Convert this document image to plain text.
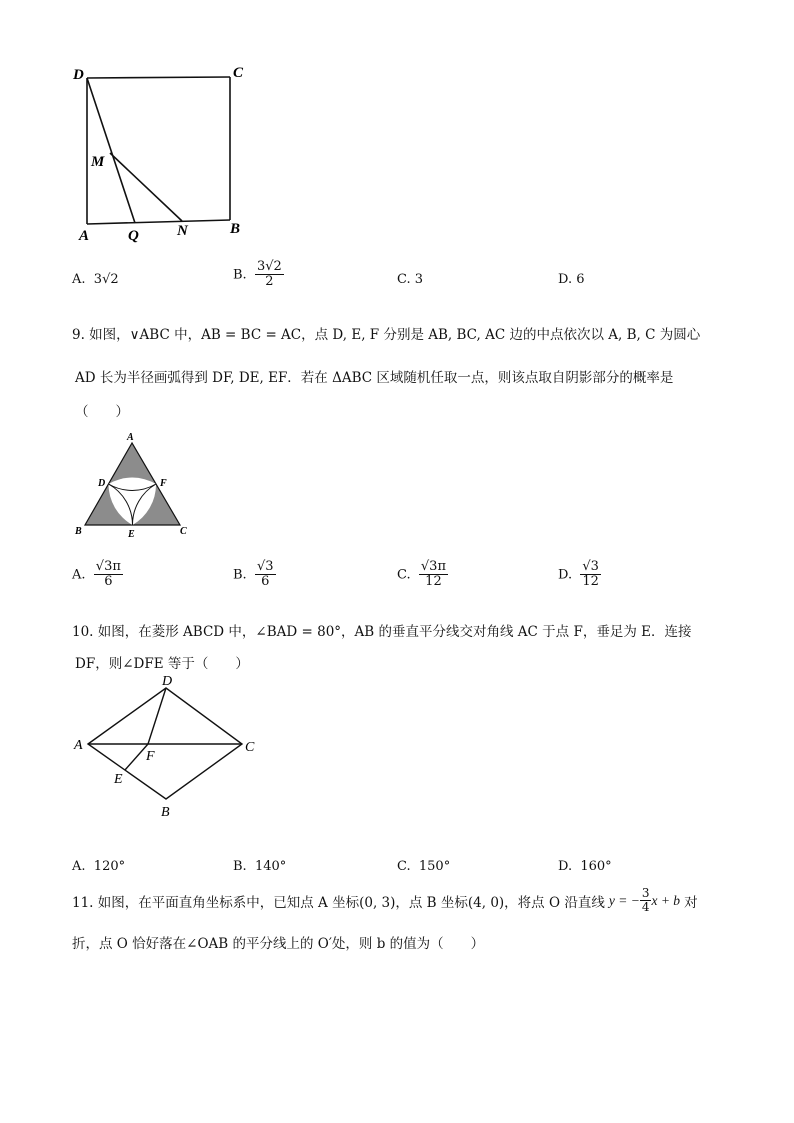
D	C
M
A	Q	N	B
A. 3√2	B. $\frac{3√2}{2}$	C. 3	D. 6
9. 如图，∨ABC 中，AB = BC = AC，点 D, E, F 分别是 AB, BC, AC 边的中点依次以 A, B, C 为圆心
AD 长为半径画弧得到 DF, DE, EF．若在 ΔABC 区域随机任取一点，则该点取自阴影部分的概率是
（　　）
A
D	F
B	E	C
A. $\frac{√3\pi}{6}$	B. $\frac{√3}{6}$	C. $\frac{√3\pi}{12}$	D. $\frac{√3}{12}$
10. 如图，在菱形 ABCD 中，∠BAD = 80°，AB 的垂直平分线交对角线 AC 于点 F，垂足为 E．连接
DF，则∠DFE 等于（　　）
D
A
F
C
E
B
A. 120°	B. 140°	C. 150°	D. 160°
11. 如图，在平面直角坐标系中，已知点 A 坐标(0, 3)，点 B 坐标(4, 0)，将点 O 沿直线 y = − $\frac{3}{4}$ x + b 对
折，点 O 恰好落在∠OAB 的平分线上的 O′处，则 b 的值为（　　）
